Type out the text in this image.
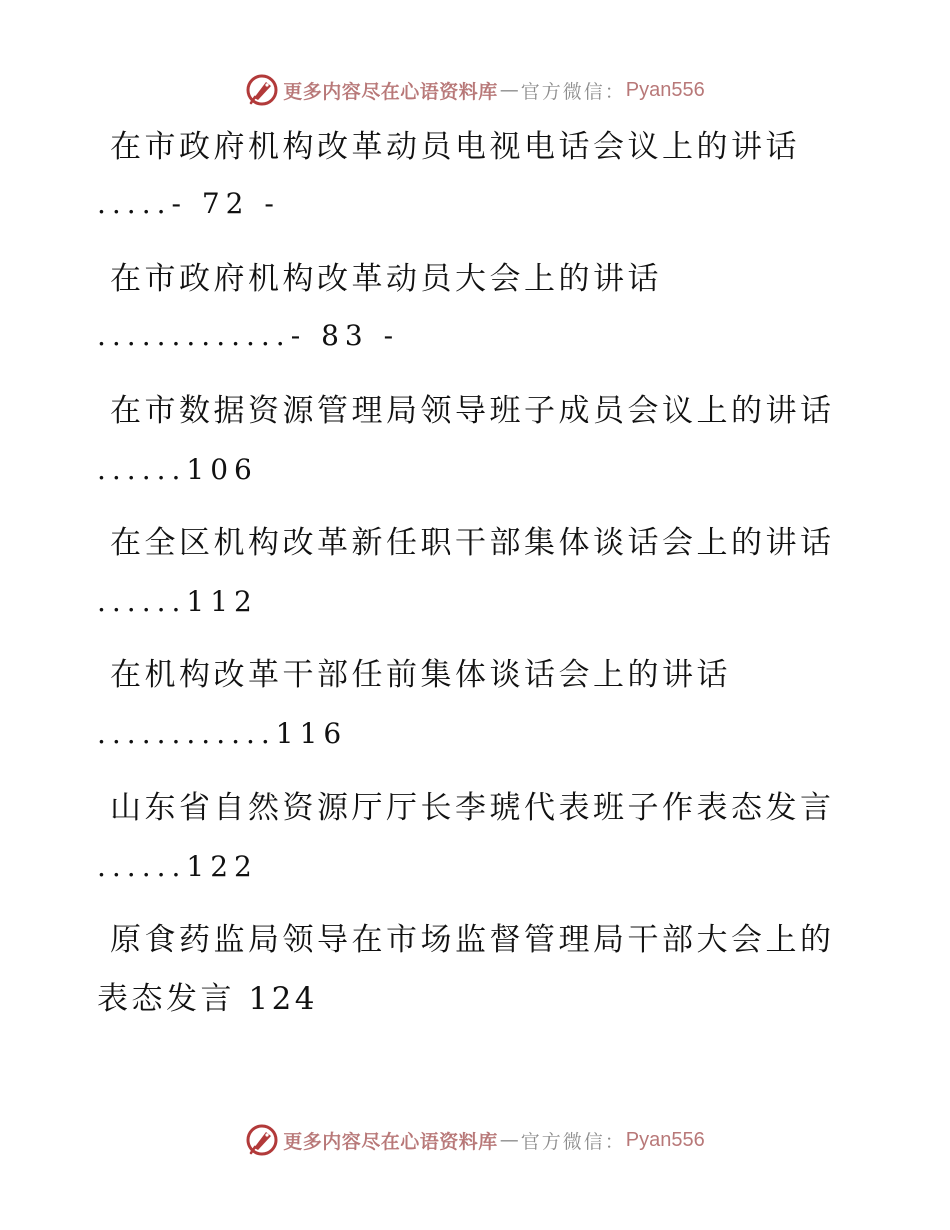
更多内容尽在心语资料库 — 官方微信： Pyan556
在市政府机构改革动员电视电话会议上的讲话
.....- 72 -
在市政府机构改革动员大会上的讲话
.............- 83 -
在市数据资源管理局领导班子成员会议上的讲话
......106
在全区机构改革新任职干部集体谈话会上的讲话
......112
在机构改革干部任前集体谈话会上的讲话
............116
山东省自然资源厅厅长李琥代表班子作表态发言
......122
原食药监局领导在市场监督管理局干部大会上的
表态发言 124
更多内容尽在心语资料库 — 官方微信： Pyan556
